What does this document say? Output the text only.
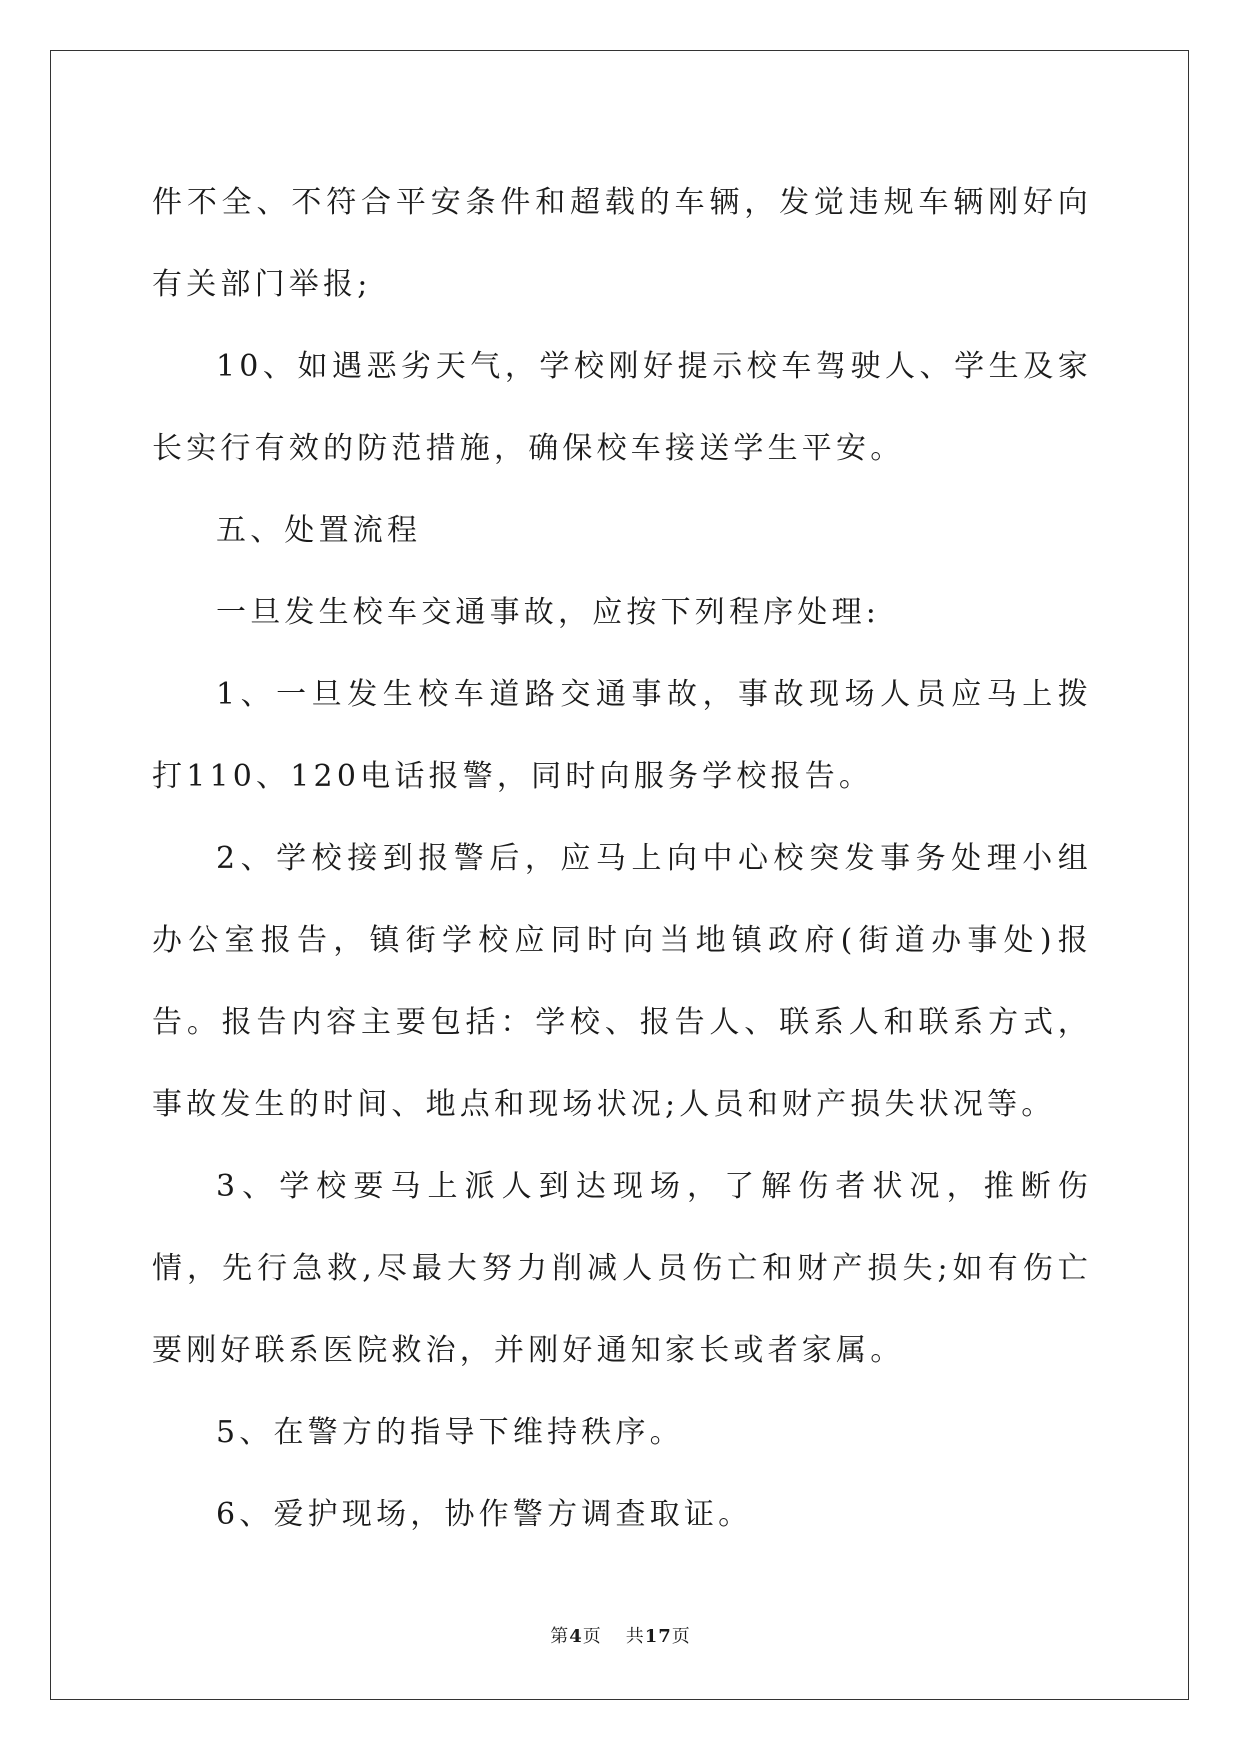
件不全、不符合平安条件和超载的车辆，发觉违规车辆刚好向有关部门举报;

10、如遇恶劣天气，学校刚好提示校车驾驶人、学生及家长实行有效的防范措施，确保校车接送学生平安。

五、处置流程

一旦发生校车交通事故，应按下列程序处理:

1、一旦发生校车道路交通事故，事故现场人员应马上拨打110、120电话报警，同时向服务学校报告。

2、学校接到报警后，应马上向中心校突发事务处理小组办公室报告，镇街学校应同时向当地镇政府(街道办事处)报告。报告内容主要包括：学校、报告人、联系人和联系方式，事故发生的时间、地点和现场状况;人员和财产损失状况等。

3、学校要马上派人到达现场，了解伤者状况，推断伤情，先行急救,尽最大努力削减人员伤亡和财产损失;如有伤亡要刚好联系医院救治，并刚好通知家长或者家属。

5、在警方的指导下维持秩序。

6、爱护现场，协作警方调查取证。

第4页 共17页
